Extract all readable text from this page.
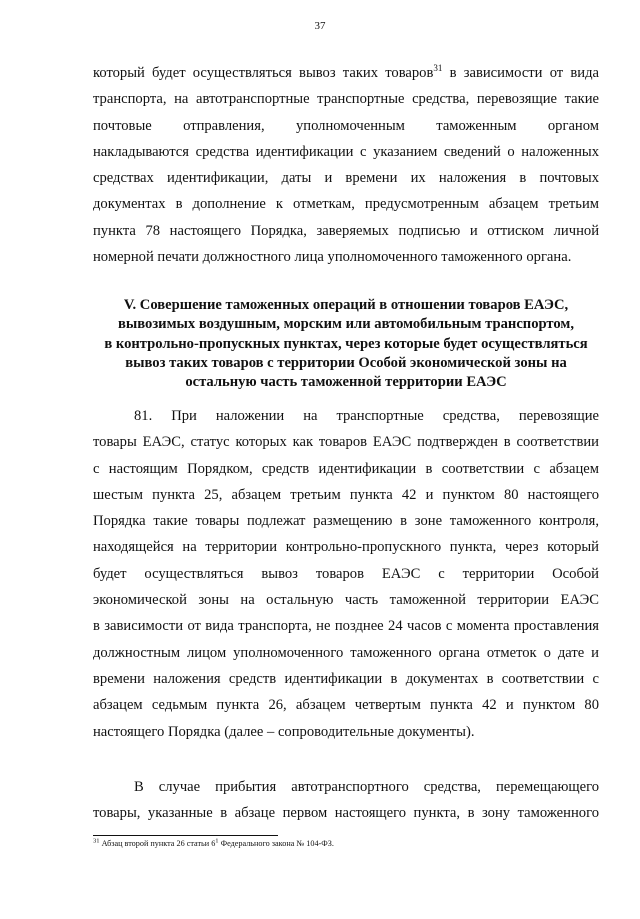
37
который будет осуществляться вывоз таких товаров$^{31}$ в зависимости от вида
транспорта, на автотранспортные транспортные средства, перевозящие такие
почтовые отправления, уполномоченным таможенным органом
накладываются средства идентификации с указанием сведений о наложенных
средствах идентификации, даты и времени их наложения в почтовых
документах в дополнение к отметкам, предусмотренным абзацем третьим
пункта 78 настоящего Порядка, заверяемых подписью и оттиском личной
номерной печати должностного лица уполномоченного таможенного органа.
V. Совершение таможенных операций в отношении товаров ЕАЭС,
вывозимых воздушным, морским или автомобильным транспортом,
в контрольно-пропускных пунктах, через которые будет осуществляться
вывоз таких товаров с территории Особой экономической зоны на
остальную часть таможенной территории ЕАЭС
81. При наложении на транспортные средства, перевозящие
товары ЕАЭС, статус которых как товаров ЕАЭС подтвержден в соответствии
с настоящим Порядком, средств идентификации в соответствии с абзацем
шестым пункта 25, абзацем третьим пункта 42 и пунктом 80 настоящего
Порядка такие товары подлежат размещению в зоне таможенного контроля,
находящейся на территории контрольно-пропускного пункта, через который
будет осуществляться вывоз товаров ЕАЭС с территории Особой
экономической зоны на остальную часть таможенной территории ЕАЭС
в зависимости от вида транспорта, не позднее 24 часов с момента проставления
должностным лицом уполномоченного таможенного органа отметок о дате и
времени наложения средств идентификации в документах в соответствии с
абзацем седьмым пункта 26, абзацем четвертым пункта 42 и пунктом 80
настоящего Порядка (далее – сопроводительные документы).
В случае прибытия автотранспортного средства, перемещающего
товары, указанные в абзаце первом настоящего пункта, в зону таможенного
$^{31}$ Абзац второй пункта 26 статьи 6$^1$ Федерального закона № 104-ФЗ.
